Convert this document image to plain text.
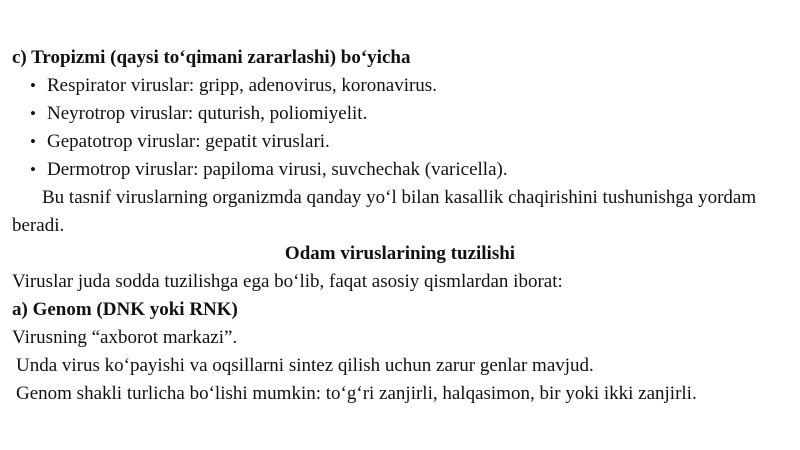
c) Tropizmi (qaysi to‘qimani zararlashi) bo‘yicha
• Respirator viruslar: gripp, adenovirus, koronavirus.
• Neyrotrop viruslar: quturish, poliomiyelit.
• Gepatotrop viruslar: gepatit viruslari.
• Dermotrop viruslar: papiloma virusi, suvchechak (varicella).
Bu tasnif viruslarning organizmda qanday yo‘l bilan kasallik chaqirishini tushunishga yordam
beradi.
Odam viruslarining tuzilishi
Viruslar juda sodda tuzilishga ega bo‘lib, faqat asosiy qismlardan iborat:
a) Genom (DNK yoki RNK)
Virusning “axborot markazi”.
Unda virus ko‘payishi va oqsillarni sintez qilish uchun zarur genlar mavjud.
Genom shakli turlicha bo‘lishi mumkin: to‘g‘ri zanjirli, halqasimon, bir yoki ikki zanjirli.
